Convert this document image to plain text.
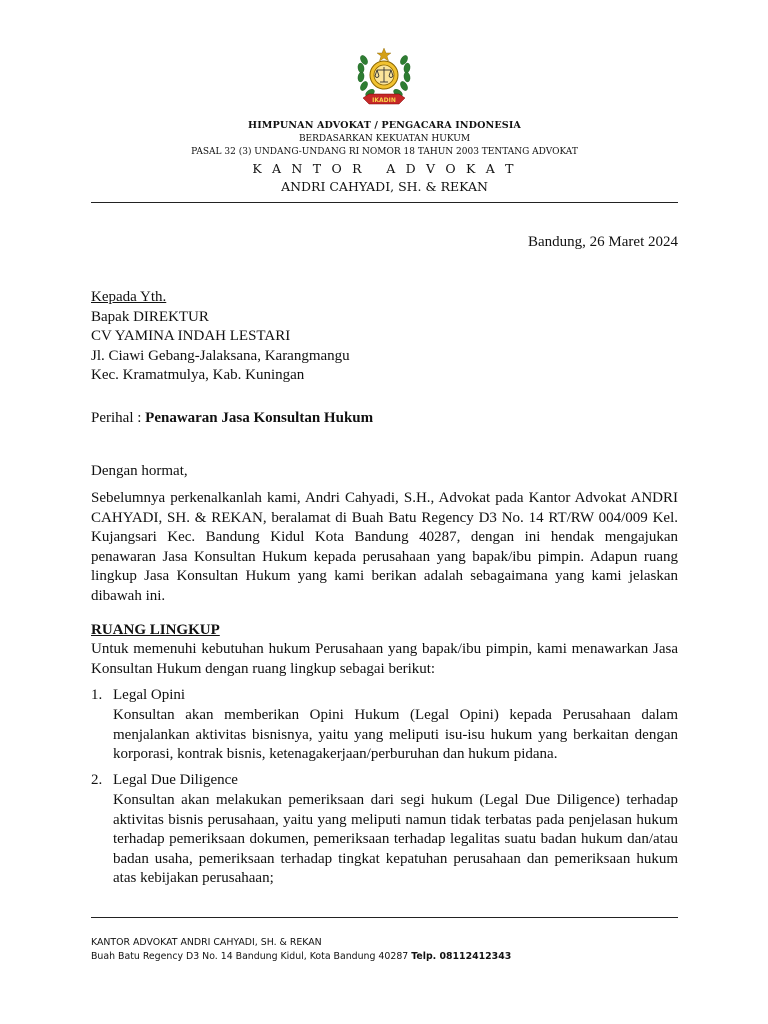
IKADIN
HIMPUNAN ADVOKAT / PENGACARA INDONESIA
BERDASARKAN KEKUATAN HUKUM
PASAL 32 (3) UNDANG-UNDANG RI NOMOR 18 TAHUN 2003 TENTANG ADVOKAT
K A N T O R   A D V O K A T
ANDRI CAHYADI, SH. & REKAN
Bandung, 26 Maret 2024
Kepada Yth.
Bapak DIREKTUR
CV YAMINA INDAH LESTARI
Jl. Ciawi Gebang-Jalaksana, Karangmangu
Kec. Kramatmulya, Kab. Kuningan
Perihal : Penawaran Jasa Konsultan Hukum
Dengan hormat,
Sebelumnya perkenalkanlah kami, Andri Cahyadi, S.H., Advokat pada Kantor Advokat ANDRI
CAHYADI, SH. & REKAN, beralamat di Buah Batu Regency D3 No. 14 RT/RW 004/009 Kel.
Kujangsari Kec. Bandung Kidul Kota Bandung 40287, dengan ini hendak mengajukan
penawaran Jasa Konsultan Hukum kepada perusahaan yang bapak/ibu pimpin. Adapun ruang
lingkup Jasa Konsultan Hukum yang kami berikan adalah sebagaimana yang kami jelaskan
dibawah ini.
RUANG LINGKUP
Untuk memenuhi kebutuhan hukum Perusahaan yang bapak/ibu pimpin, kami menawarkan Jasa
Konsultan Hukum dengan ruang lingkup sebagai berikut:
1. Legal Opini
Konsultan akan memberikan Opini Hukum (Legal Opini) kepada Perusahaan dalam
menjalankan aktivitas bisnisnya, yaitu yang meliputi isu-isu hukum yang berkaitan dengan
korporasi, kontrak bisnis, ketenagakerjaan/perburuhan dan hukum pidana.
2. Legal Due Diligence
Konsultan akan melakukan pemeriksaan dari segi hukum (Legal Due Diligence) terhadap
aktivitas bisnis perusahaan, yaitu yang meliputi namun tidak terbatas pada penjelasan hukum
terhadap pemeriksaan dokumen, pemeriksaan terhadap legalitas suatu badan hukum dan/atau
badan usaha, pemeriksaan terhadap tingkat kepatuhan perusahaan dan pemeriksaan hukum
atas kebijakan perusahaan;
KANTOR ADVOKAT ANDRI CAHYADI, SH. & REKAN
Buah Batu Regency D3 No. 14 Bandung Kidul, Kota Bandung 40287 Telp. 08112412343
